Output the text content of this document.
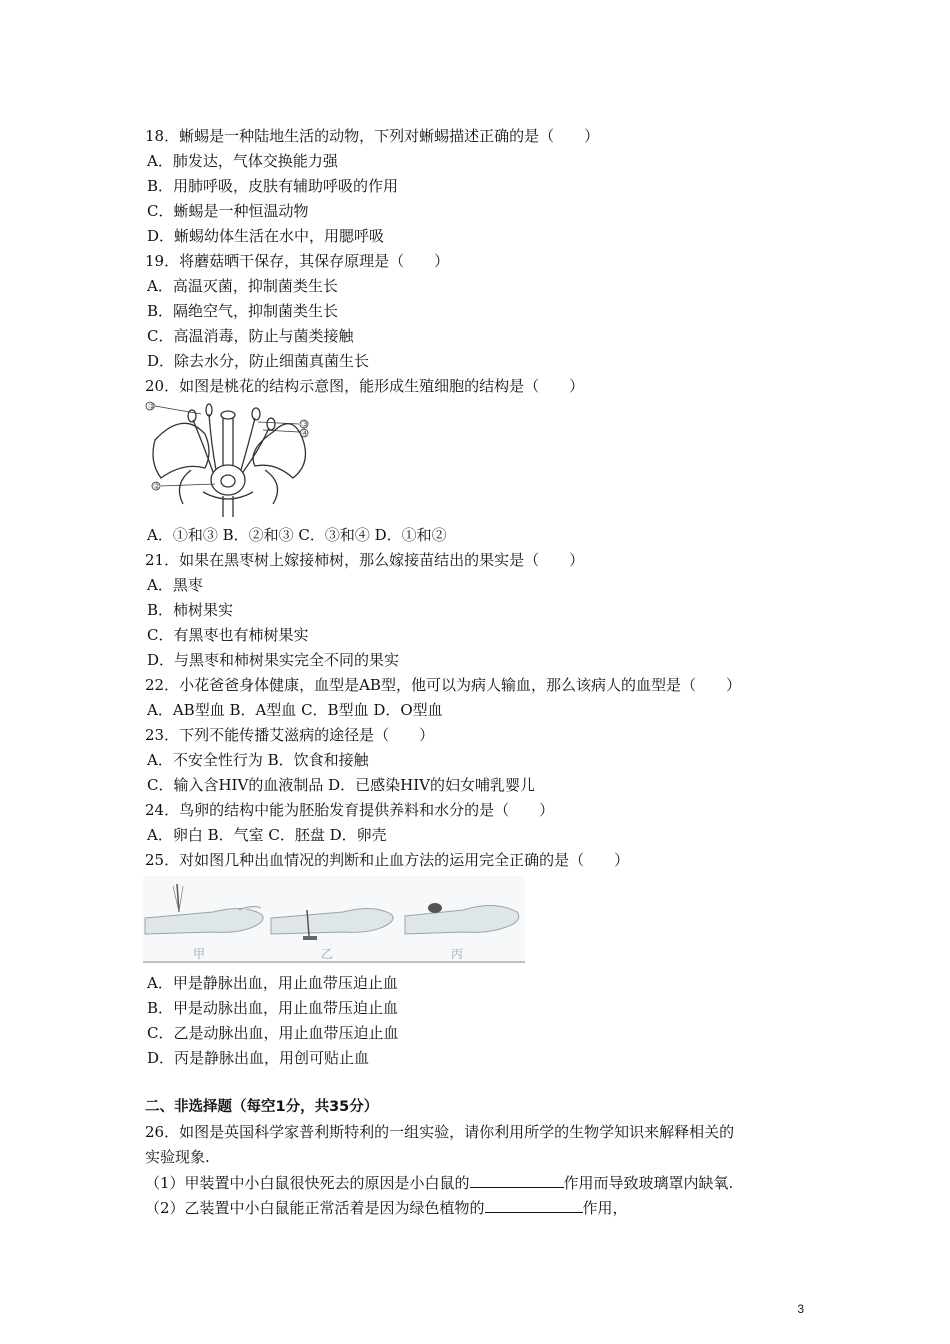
18．蜥蜴是一种陆地生活的动物，下列对蜥蜴描述正确的是（　　）
A．肺发达，气体交换能力强
B．用肺呼吸，皮肤有辅助呼吸的作用
C．蜥蜴是一种恒温动物
D．蜥蜴幼体生活在水中，用腮呼吸
19．将蘑菇晒干保存，其保存原理是（　　）
A．高温灭菌，抑制菌类生长
B．隔绝空气，抑制菌类生长
C．高温消毒，防止与菌类接触
D．除去水分，防止细菌真菌生长
20．如图是桃花的结构示意图，能形成生殖细胞的结构是（　　）
①
③
④
②
A．①和③ B．②和③ C．③和④ D．①和②
21．如果在黑枣树上嫁接柿树，那么嫁接苗结出的果实是（　　）
A．黑枣
B．柿树果实
C．有黑枣也有柿树果实
D．与黑枣和柿树果实完全不同的果实
22．小花爸爸身体健康，血型是AB型，他可以为病人输血，那么该病人的血型是（　　）
A．AB型血 B．A型血 C．B型血 D．O型血
23．下列不能传播艾滋病的途径是（　　）
A．不安全性行为 B．饮食和接触
C．输入含HIV的血液制品 D．已感染HIV的妇女哺乳婴儿
24．鸟卵的结构中能为胚胎发育提供养料和水分的是（　　）
A．卵白 B．气室 C．胚盘 D．卵壳
25．对如图几种出血情况的判断和止血方法的运用完全正确的是（　　）
甲	乙	丙
A．甲是静脉出血，用止血带压迫止血
B．甲是动脉出血，用止血带压迫止血
C．乙是动脉出血，用止血带压迫止血
D．丙是静脉出血，用创可贴止血
二、非选择题（每空1分，共35分）
26．如图是英国科学家普利斯特利的一组实验，请你利用所学的生物学知识来解释相关的
实验现象.
（1）甲装置中小白鼠很快死去的原因是小白鼠的	作用而导致玻璃罩内缺氧.
（2）乙装置中小白鼠能正常活着是因为绿色植物的	作用，
3
